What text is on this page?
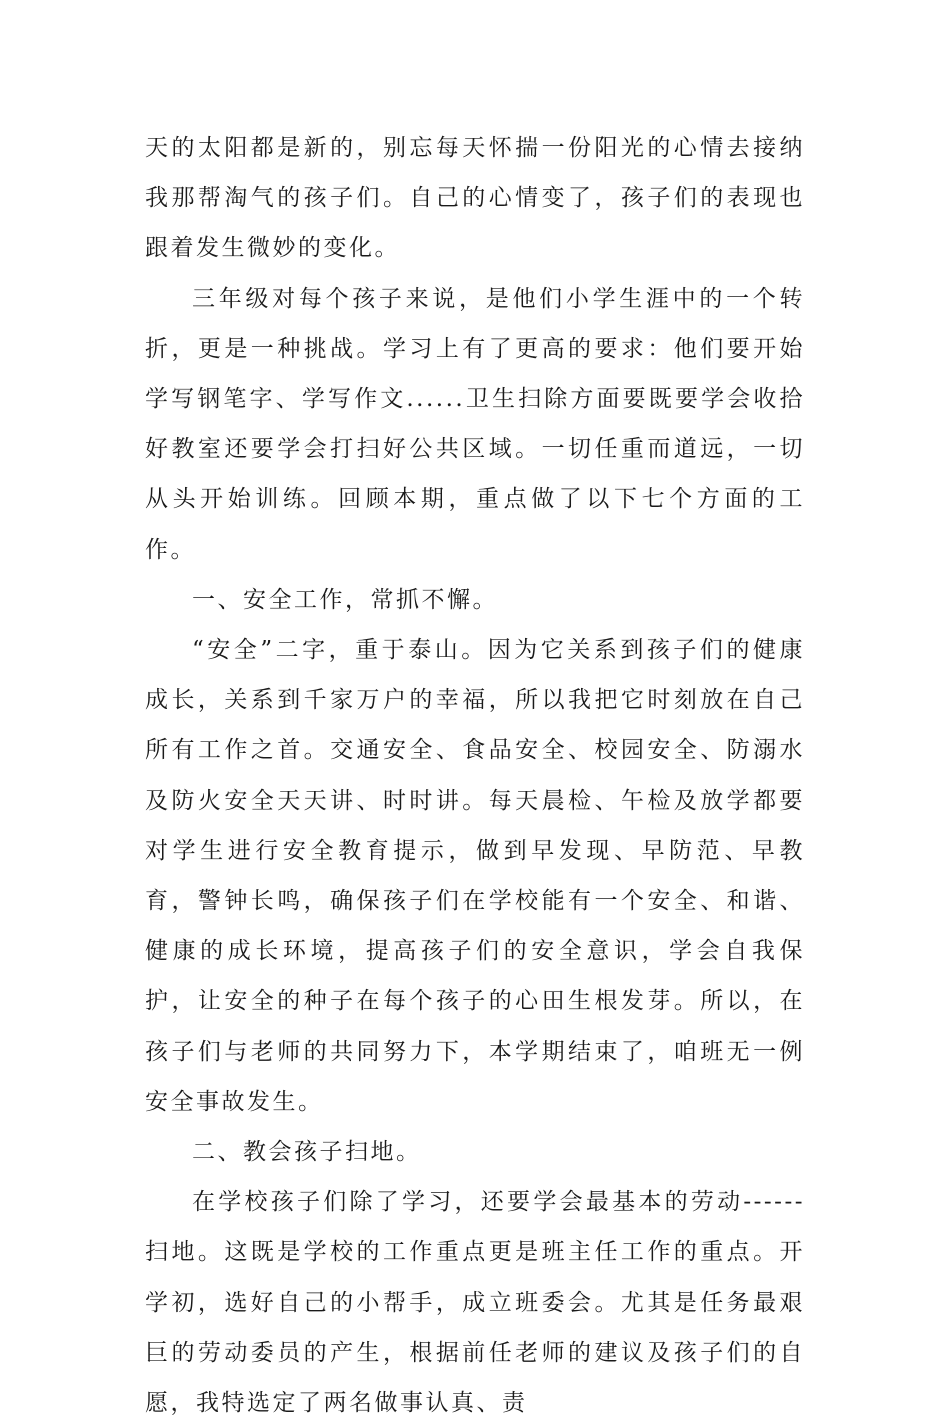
天的太阳都是新的，别忘每天怀揣一份阳光的心情去接纳我那帮淘气的孩子们。自己的心情变了，孩子们的表现也跟着发生微妙的变化。

三年级对每个孩子来说，是他们小学生涯中的一个转折，更是一种挑战。学习上有了更高的要求：他们要开始学写钢笔字、学写作文......卫生扫除方面要既要学会收拾好教室还要学会打扫好公共区域。一切任重而道远，一切从头开始训练。回顾本期，重点做了以下七个方面的工作。

一、安全工作，常抓不懈。

“安全”二字，重于泰山。因为它关系到孩子们的健康成长，关系到千家万户的幸福，所以我把它时刻放在自己所有工作之首。交通安全、食品安全、校园安全、防溺水及防火安全天天讲、时时讲。每天晨检、午检及放学都要对学生进行安全教育提示，做到早发现、早防范、早教育，警钟长鸣，确保孩子们在学校能有一个安全、和谐、健康的成长环境，提高孩子们的安全意识，学会自我保护，让安全的种子在每个孩子的心田生根发芽。所以，在孩子们与老师的共同努力下，本学期结束了，咱班无一例安全事故发生。

二、教会孩子扫地。

在学校孩子们除了学习，还要学会最基本的劳动------扫地。这既是学校的工作重点更是班主任工作的重点。开学初，选好自己的小帮手，成立班委会。尤其是任务最艰巨的劳动委员的产生，根据前任老师的建议及孩子们的自愿，我特选定了两名做事认真、责
